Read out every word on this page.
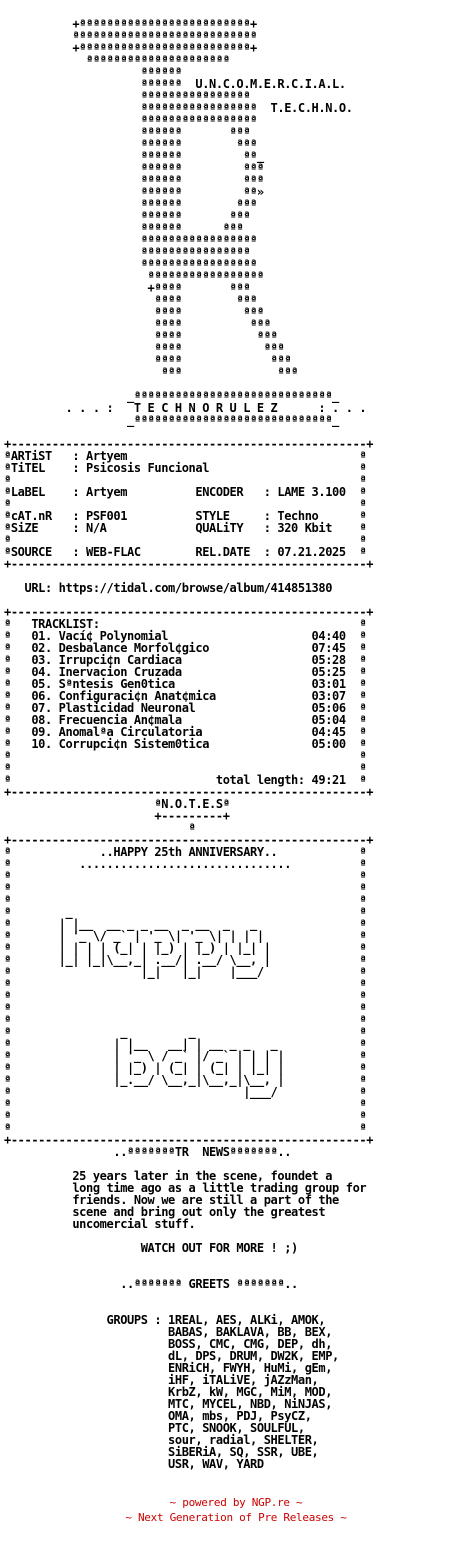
+ªªªªªªªªªªªªªªªªªªªªªªªªª+
ªªªªªªªªªªªªªªªªªªªªªªªªªªª
+ªªªªªªªªªªªªªªªªªªªªªªªªª+
ªªªªªªªªªªªªªªªªªªªªª
ªªªªªª
ªªªªªª  U.N.C.O.M.E.R.C.I.A.L.
ªªªªªªªªªªªªªªªª
ªªªªªªªªªªªªªªªªª  T.E.C.H.N.O.
ªªªªªªªªªªªªªªªªª
ªªªªªª       ªªª
ªªªªªª        ªªª
ªªªªªª         ªª_
ªªªªªª         ªªª
ªªªªªª         ªªª
ªªªªªª         ªª»
ªªªªªª        ªªª
ªªªªªª       ªªª
ªªªªªª      ªªª
ªªªªªªªªªªªªªªªªª
ªªªªªªªªªªªªªªªª
ªªªªªªªªªªªªªªªªª
ªªªªªªªªªªªªªªªªª
+ªªªª       ªªª
ªªªª        ªªª
ªªªª         ªªª
ªªªª          ªªª
ªªªª           ªªª
ªªªª            ªªª
ªªªª             ªªª
ªªª              ªªª

_ªªªªªªªªªªªªªªªªªªªªªªªªªªªªª_
. . . :   T E C H N O R U L E Z      : . . .
_ªªªªªªªªªªªªªªªªªªªªªªªªªªªªª_

+----------------------------------------------------+
ªARTiST   : Artyem                                  ª
ªTiTEL    : Psicosis Funcional                      ª
ª                                                   ª
ªLaBEL    : Artyem          ENCODER   : LAME 3.100  ª
ª                                                   ª
ªcAT.nR   : PSF001          STYLE     : Techno      ª
ªSiZE     : N/A             QUALiTY   : 320 Kbit    ª
ª                                                   ª
ªSOURCE   : WEB-FLAC        REL.DATE  : 07.21.2025  ª
+----------------------------------------------------+

URL: https://tidal.com/browse/album/414851380

+----------------------------------------------------+
ª   TRACKLIST:                                      ª
ª   01. Vací¢ Polynomial                     04:40  ª
ª   02. Desbalance Morfol¢gico               07:45  ª
ª   03. Irrupci¢n Cardiaca                   05:28  ª
ª   04. Inervacion Cruzada                   05:25  ª
ª   05. Sªntesis Gen0tica                    03:01  ª
ª   06. Configuraci¢n Anat¢mica              03:07  ª
ª   07. Plasticidad Neuronal                 05:06  ª
ª   08. Frecuencia An¢mala                   05:04  ª
ª   09. Anomalªa Circulatoria                04:45  ª
ª   10. Corrupci¢n Sistem0tica               05:00  ª
ª                                                   ª
ª                                                   ª
ª                              total length: 49:21  ª
+----------------------------------------------------+
ªN.O.T.E.Sª
+---------+
ª
+----------------------------------------------------+
ª             ..HAPPY 25th ANNIVERSARY..            ª
ª          ...............................          ª
ª                                                   ª
ª                                                   ª
ª                                                   ª
ª        _                                          ª
ª       | |__  __ _ _ __  _ __  _   _               ª
ª       | '_ \/ _` | '_ \| '_ \| | | |              ª
ª       | | | | (_| | |_) | |_) | |_| |             ª
ª       |_| |_|\__,_| .__/| .__/ \__, |             ª
ª                   |_|   |_|    |___/              ª
ª                                                   ª
ª                                                   ª
ª                                                   ª
ª                                                   ª
ª                _         _                        ª
ª               | |__   __| | __ _ _   _            ª
ª               | '_ \ / _` |/ _` | | | |           ª
ª               | |_) | (_| | (_| | |_| |           ª
ª               |_.__/ \__,_|\__,_|\__, |           ª
ª                                  |___/            ª
ª                                                   ª
ª                                                   ª
ª                                                   ª
+----------------------------------------------------+
..ªªªªªªªTR  NEWSªªªªªªª..

25 years later in the scene, foundet a
long time ago as a little trading group for
friends. Now we are still a part of the
scene and bring out only the greatest
uncomercial stuff.

WATCH OUT FOR MORE ! ;)

..ªªªªªªª GREETS ªªªªªªª..

GROUPS : 1REAL, AES, ALKi, AMOK,
BABAS, BAKLAVA, BB, BEX,
BOSS, CMC, CMG, DEP, dh,
dL, DPS, DRUM, DW2K, EMP,
ENRiCH, FWYH, HuMi, gEm,
iHF, iTALiVE, jAZzMan,
KrbZ, kW, MGC, MiM, MOD,
MTC, MYCEL, NBD, NiNJAS,
OMA, mbs, PDJ, PsyCZ,
PTC, SNOOK, SOULFUL,
sour, radial, SHELTER,
SiBERiA, SQ, SSR, UBE,
USR, WAV, YARD
~ powered by NGP.re ~
~ Next Generation of Pre Releases ~
